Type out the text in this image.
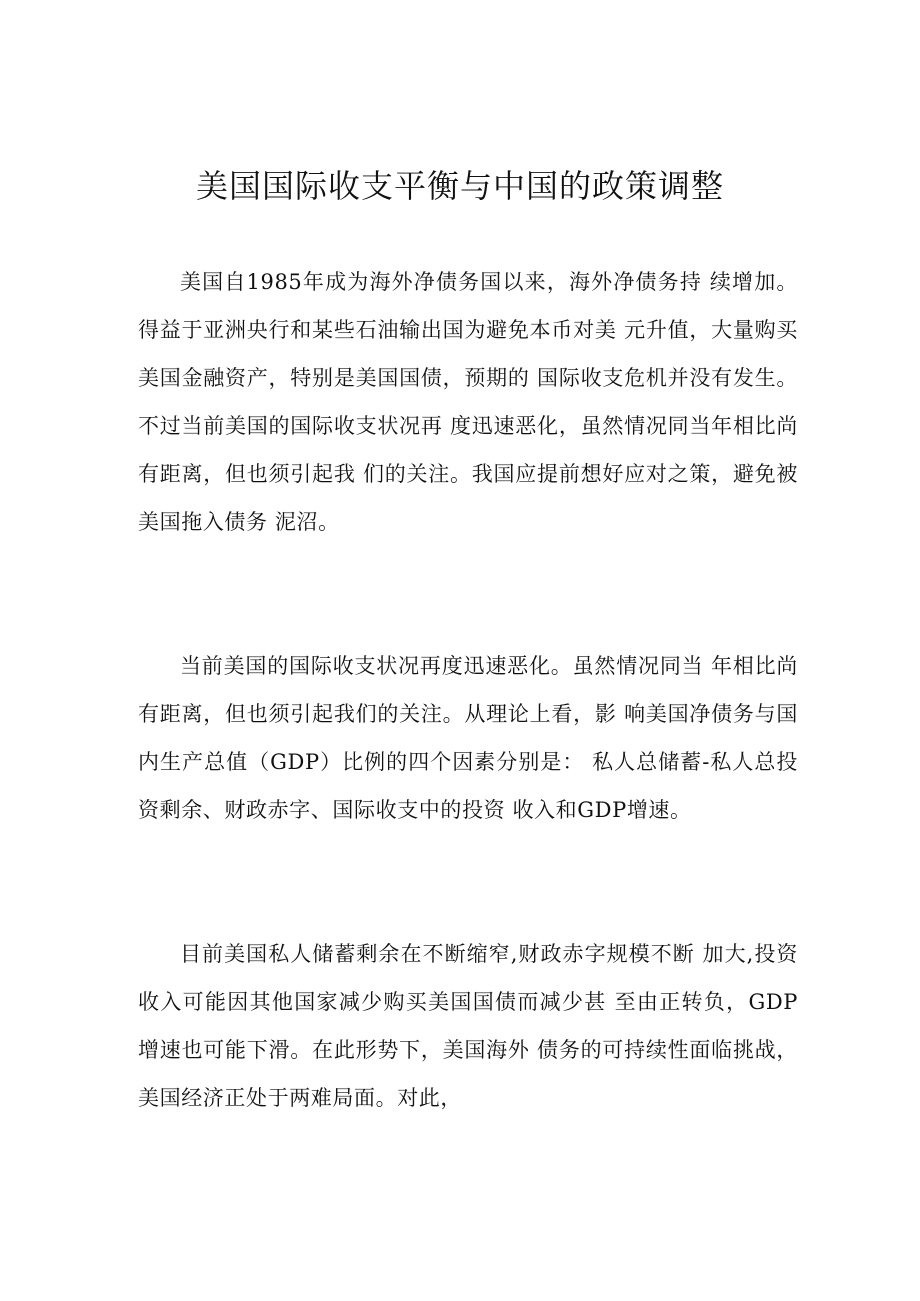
美国国际收支平衡与中国的政策调整

美国自1985年成为海外净债务国以来，海外净债务持 续增加。得益于亚洲央行和某些石油输出国为避免本币对美 元升值，大量购买美国金融资产，特别是美国国债，预期的 国际收支危机并没有发生。不过当前美国的国际收支状况再 度迅速恶化，虽然情况同当年相比尚有距离，但也须引起我 们的关注。我国应提前想好应对之策，避免被美国拖入债务 泥沼。

当前美国的国际收支状况再度迅速恶化。虽然情况同当 年相比尚有距离，但也须引起我们的关注。从理论上看，影 响美国净债务与国内生产总值（GDP）比例的四个因素分别是： 私人总储蓄-私人总投资剩余、财政赤字、国际收支中的投资 收入和GDP增速。

目前美国私人储蓄剩余在不断缩窄,财政赤字规模不断 加大,投资收入可能因其他国家减少购买美国国债而减少甚 至由正转负，GDP增速也可能下滑。在此形势下，美国海外 债务的可持续性面临挑战，美国经济正处于两难局面。对此，
